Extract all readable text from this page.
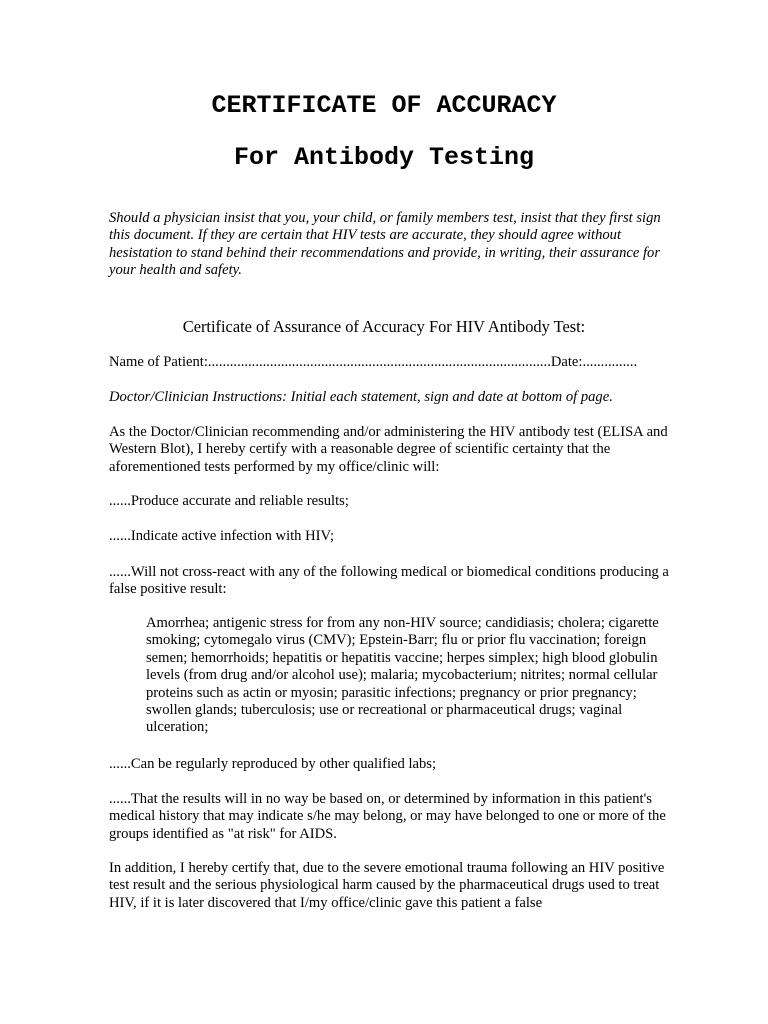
CERTIFICATE OF ACCURACY
For Antibody Testing
Should a physician insist that you, your child, or family members test, insist that they first sign this document. If they are certain that HIV tests are accurate, they should agree without hesistation to stand behind their recommendations and provide, in writing, their assurance for your health and safety.
Certificate of Assurance of Accuracy For HIV Antibody Test:
Name of Patient:..............................................................................................Date:...............
Doctor/Clinician Instructions: Initial each statement, sign and date at bottom of page.
As the Doctor/Clinician recommending and/or administering the HIV antibody test (ELISA and Western Blot), I hereby certify with a reasonable degree of scientific certainty that the aforementioned tests performed by my office/clinic will:
......Produce accurate and reliable results;
......Indicate active infection with HIV;
......Will not cross-react with any of the following medical or biomedical conditions producing a false positive result:
Amorrhea; antigenic stress for from any non-HIV source; candidiasis; cholera; cigarette smoking; cytomegalo virus (CMV); Epstein-Barr; flu or prior flu vaccination; foreign semen; hemorrhoids; hepatitis or hepatitis vaccine; herpes simplex; high blood globulin levels (from drug and/or alcohol use); malaria; mycobacterium; nitrites; normal cellular proteins such as actin or myosin; parasitic infections; pregnancy or prior pregnancy; swollen glands; tuberculosis; use or recreational or pharmaceutical drugs; vaginal ulceration;
......Can be regularly reproduced by other qualified labs;
......That the results will in no way be based on, or determined by information in this patient's medical history that may indicate s/he may belong, or may have belonged to one or more of the groups identified as "at risk" for AIDS.
In addition, I hereby certify that, due to the severe emotional trauma following an HIV positive test result and the serious physiological harm caused by the pharmaceutical drugs used to treat HIV, if it is later discovered that I/my office/clinic gave this patient a false
